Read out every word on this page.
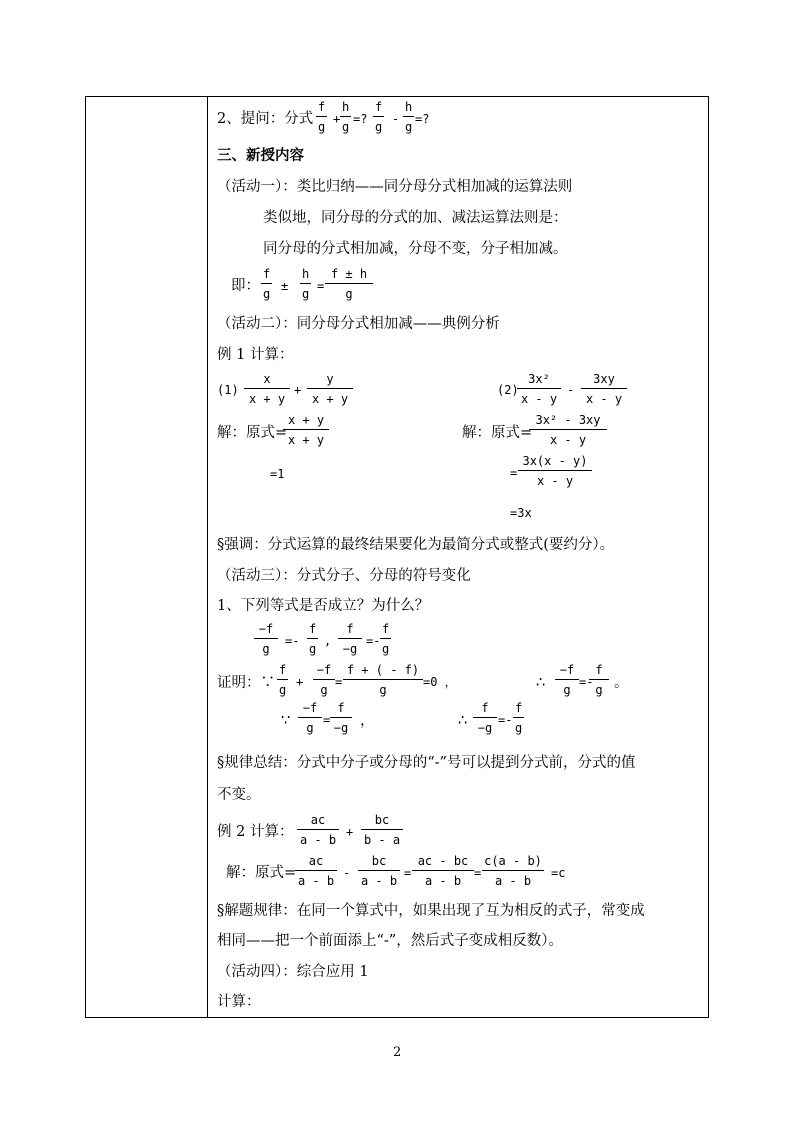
2、提问：分式
f
g
+
h
g
=?
f
g
-
h
g
=?
三、新授内容
（活动一）：类比归纳——同分母分式相加减的运算法则
类似地，同分母的分式的加、减法运算法则是：
同分母的分式相加减，分母不变，分子相加减。
即：
f
g
±
h
g
=
f ± h
g
（活动二）：同分母分式相加减——典例分析
例 1 计算：
(1)
x
x + y
+
y
x + y
(2)
3x²
x - y
-
3xy
x - y
解：原式=
x + y
x + y
=1
解：原式=
3x² - 3xy
x - y
=
3x(x - y)
x - y
=3x
§强调：分式运算的最终结果要化为最简分式或整式(要约分）。
（活动三）：分式分子、分母的符号变化
1、下列等式是否成立？为什么？
−f
g
=-
f
g
,
f
−g
=-
f
g
证明：∵
f
g
+
−f
g
=
f + ( - f)
g
=0 ，	∴
−f
g
=-
f
g 。
∵
−f
g
=
f
−g ，	∴
f
−g
=-
f
g
§规律总结：分式中分子或分母的“-”号可以提到分式前，分式的值
不变。
例 2 计算：
ac
a - b
+
bc
b - a
解：原式=
ac
a - b
-
bc
a - b
=
ac - bc
a - b
=
c(a - b)
a - b
=c
§解题规律：在同一个算式中，如果出现了互为相反的式子，常变成
相同——把一个前面添上“-”，然后式子变成相反数）。
（活动四）：综合应用 1
计算：
2
